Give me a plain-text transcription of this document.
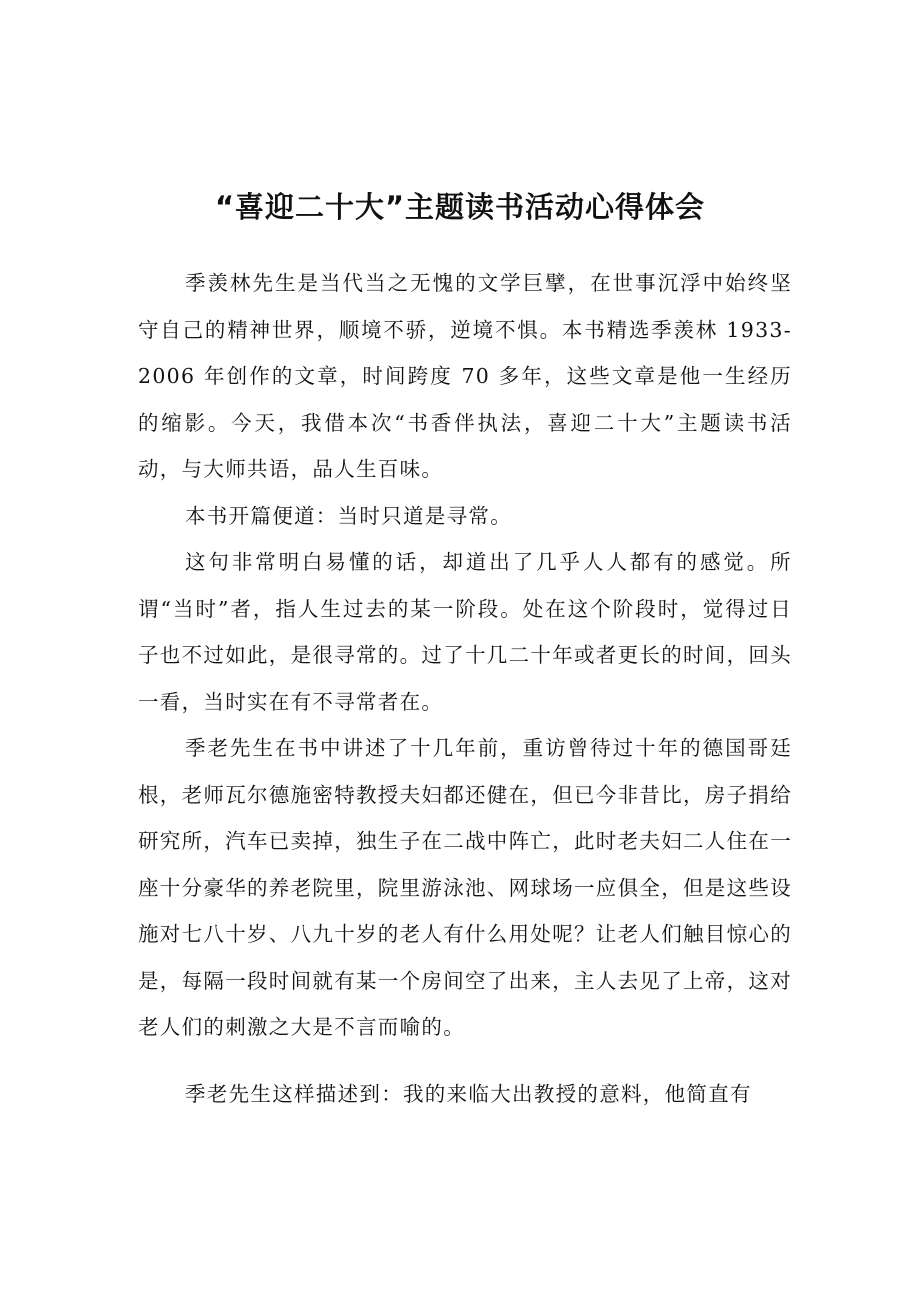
“喜迎二十大”主题读书活动心得体会

季羡林先生是当代当之无愧的文学巨擘，在世事沉浮中始终坚守自己的精神世界，顺境不骄，逆境不惧。本书精选季羡林 1933-2006 年创作的文章，时间跨度 70 多年，这些文章是他一生经历的缩影。今天，我借本次“书香伴执法，喜迎二十大”主题读书活动，与大师共语，品人生百味。

本书开篇便道：当时只道是寻常。

这句非常明白易懂的话，却道出了几乎人人都有的感觉。所谓“当时”者，指人生过去的某一阶段。处在这个阶段时，觉得过日子也不过如此，是很寻常的。过了十几二十年或者更长的时间，回头一看，当时实在有不寻常者在。

季老先生在书中讲述了十几年前，重访曾待过十年的德国哥廷根，老师瓦尔德施密特教授夫妇都还健在，但已今非昔比，房子捐给研究所，汽车已卖掉，独生子在二战中阵亡，此时老夫妇二人住在一座十分豪华的养老院里，院里游泳池、网球场一应俱全，但是这些设施对七八十岁、八九十岁的老人有什么用处呢？让老人们触目惊心的是，每隔一段时间就有某一个房间空了出来，主人去见了上帝，这对老人们的刺激之大是不言而喻的。

季老先生这样描述到：我的来临大出教授的意料，他简直有
